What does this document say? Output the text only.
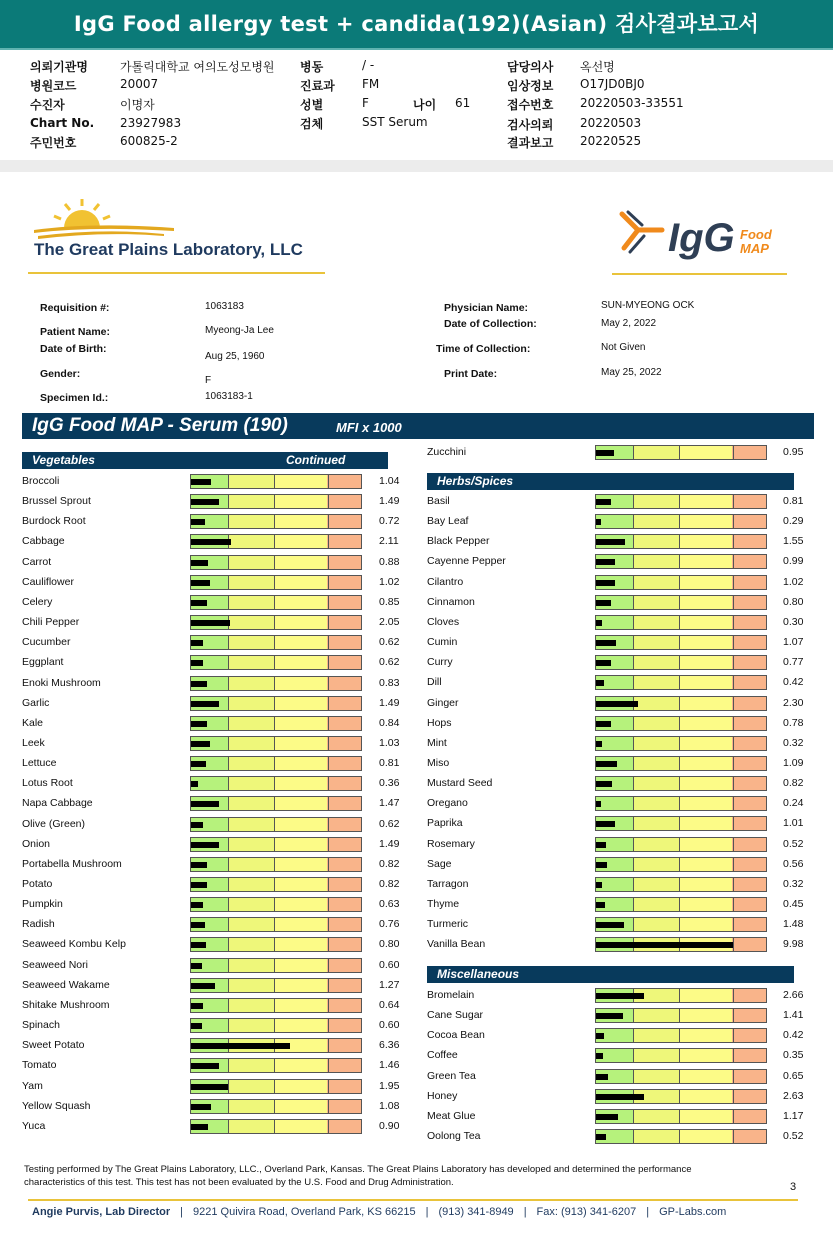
IgG Food allergy test + candida(192)(Asian) 검사결과보고서
의뢰기관명	가톨릭대학교 여의도성모병원
병원코드	20007
수진자	이명자
Chart No. 23927983
주민번호	600825-2
병동	/ -
진료과 FM
성별	F	나이 61
검체	SST Serum
담당의사 옥선명
임상정보 O17JD0BJ0
접수번호 20220503-33551
검사의뢰 20220503
결과보고 20220525
The Great Plains Laboratory, LLC	IgG Food
MAP
Requisition #:	1063183
Patient Name:	Myeong-Ja Lee
Date of Birth:
Aug 25, 1960
Gender:
F
Specimen Id.:	1063183-1
Physician Name:	SUN-MYEONG OCK
Date of Collection:	May 2, 2022
Time of Collection:	Not Given
Print Date:	May 25, 2022
IgG Food MAP - Serum (190)	MFI x 1000
Vegetables	Continued
Herbs/Spices
Miscellaneous
Broccoli	1.04
Brussel Sprout	1.49
Burdock Root	0.72
Cabbage	2.11
Carrot	0.88
Cauliflower	1.02
Celery	0.85
Chili Pepper	2.05
Cucumber	0.62
Eggplant	0.62
Enoki Mushroom	0.83
Garlic	1.49
Kale	0.84
Leek	1.03
Lettuce	0.81
Lotus Root	0.36
Napa Cabbage	1.47
Olive (Green)	0.62
Onion	1.49
Portabella Mushroom	0.82
Potato	0.82
Pumpkin	0.63
Radish	0.76
Seaweed Kombu Kelp	0.80
Seaweed Nori	0.60
Seaweed Wakame	1.27
Shitake Mushroom	0.64
Spinach	0.60
Sweet Potato	6.36
Tomato	1.46
Yam	1.95
Yellow Squash	1.08
Yuca	0.90
Zucchini	0.95
Basil	0.81
Bay Leaf	0.29
Black Pepper	1.55
Cayenne Pepper	0.99
Cilantro	1.02
Cinnamon	0.80
Cloves	0.30
Cumin	1.07
Curry	0.77
Dill	0.42
Ginger	2.30
Hops	0.78
Mint	0.32
Miso	1.09
Mustard Seed	0.82
Oregano	0.24
Paprika	1.01
Rosemary	0.52
Sage	0.56
Tarragon	0.32
Thyme	0.45
Turmeric	1.48
Vanilla Bean	9.98
Bromelain	2.66
Cane Sugar	1.41
Cocoa Bean	0.42
Coffee	0.35
Green Tea	0.65
Honey	2.63
Meat Glue	1.17
Oolong Tea	0.52
Testing performed by The Great Plains Laboratory, LLC., Overland Park, Kansas. The Great Plains Laboratory has developed and determined the performance characteristics of this test. This test has not been evaluated by the U.S. Food and Drug Administration.	3
Angie Purvis, Lab Director | 9221 Quivira Road, Overland Park, KS 66215 | (913) 341-8949 | Fax: (913) 341-6207 | GP-Labs.com
